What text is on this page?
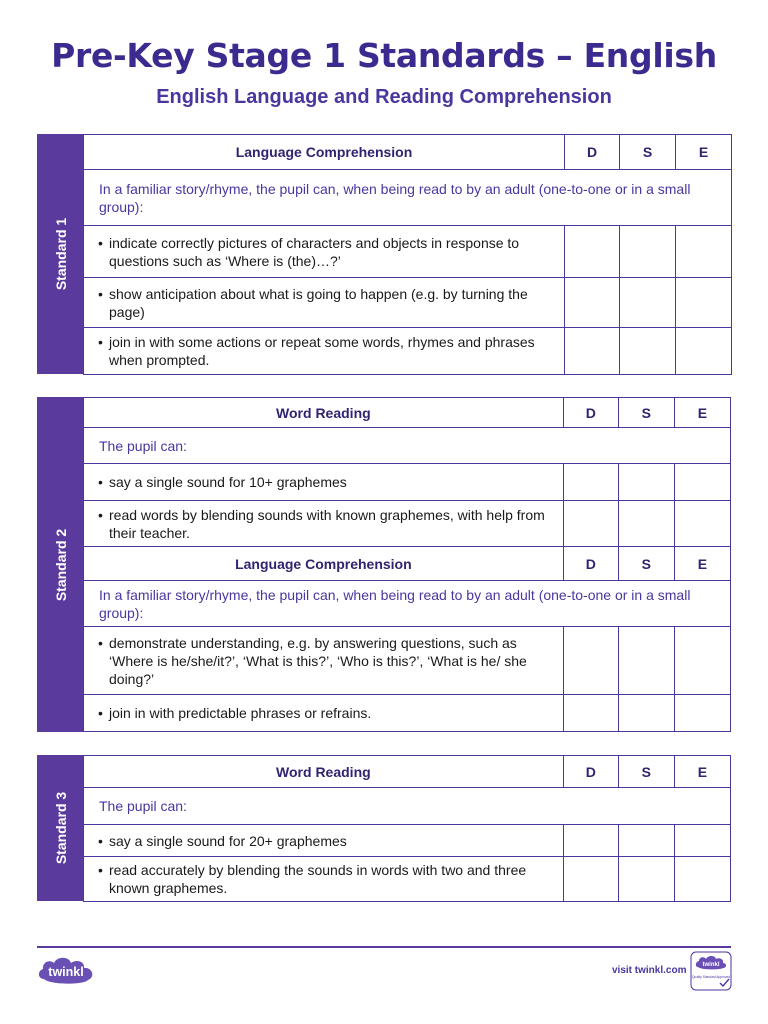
Pre-Key Stage 1 Standards – English
English Language and Reading Comprehension
Standard 1
Language Comprehension	D	S	E
In a familiar story/rhyme, the pupil can, when being read to by an adult (one-to-one or in a small group):			

• indicate correctly pictures of characters and objects in response to questions such as ‘Where is (the)…?’			

• show anticipation about what is going to happen (e.g. by turning the page)			

• join in with some actions or repeat some words, rhymes and phrases when prompted.			

Standard 2
Word Reading	D	S	E
The pupil can:			

• say a single sound for 10+ graphemes			

• read words by blending sounds with known graphemes, with help from their teacher.			

Language Comprehension	D	S	E
In a familiar story/rhyme, the pupil can, when being read to by an adult (one-to-one or in a small group):			

• demonstrate understanding, e.g. by answering questions, such as ‘Where is he/she/it?’, ‘What is this?’, ‘Who is this?’, ‘What is he/ she doing?’			

• join in with predictable phrases or refrains.			

Standard 3
Word Reading	D	S	E
The pupil can:			

• say a single sound for 20+ graphemes			

• read accurately by blending the sounds in words with two and three known graphemes.			

twinkl	visit twinkl.com	twinkl
Quality Standard Approved
